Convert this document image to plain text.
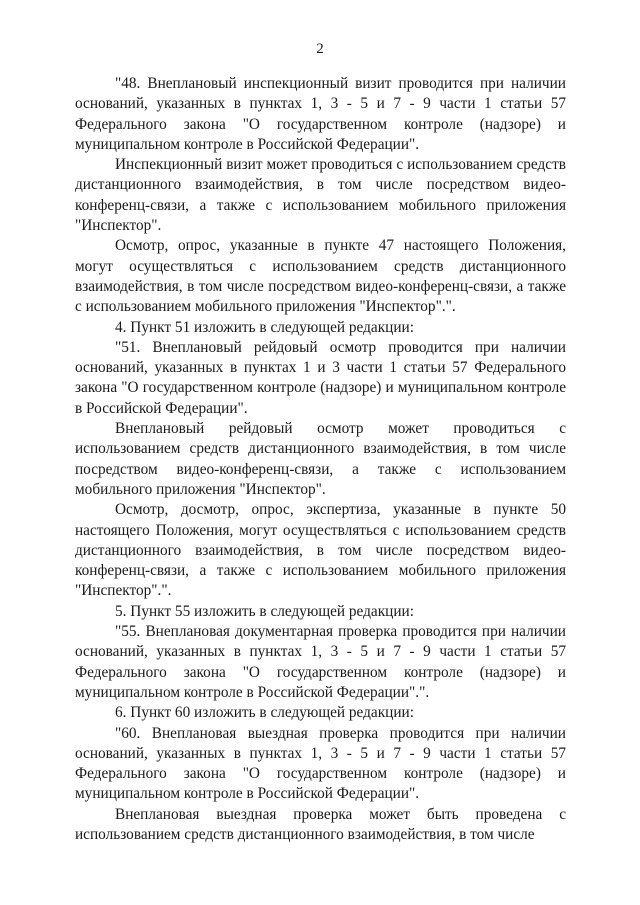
2

"48. Внеплановый инспекционный визит проводится при наличии оснований, указанных в пунктах 1, 3 - 5 и 7 - 9 части 1 статьи 57 Федерального закона "О государственном контроле (надзоре) и муниципальном контроле в Российской Федерации".

Инспекционный визит может проводиться с использованием средств дистанционного взаимодействия, в том числе посредством видео-конференц-связи, а также с использованием мобильного приложения "Инспектор".

Осмотр, опрос, указанные в пункте 47 настоящего Положения, могут осуществляться с использованием средств дистанционного взаимодействия, в том числе посредством видео-конференц-связи, а также с использованием мобильного приложения "Инспектор".".

4. Пункт 51 изложить в следующей редакции:

"51. Внеплановый рейдовый осмотр проводится при наличии оснований, указанных в пунктах 1 и 3 части 1 статьи 57 Федерального закона "О государственном контроле (надзоре) и муниципальном контроле в Российской Федерации".

Внеплановый рейдовый осмотр может проводиться с использованием средств дистанционного взаимодействия, в том числе посредством видео-конференц-связи, а также с использованием мобильного приложения "Инспектор".

Осмотр, досмотр, опрос, экспертиза, указанные в пункте 50 настоящего Положения, могут осуществляться с использованием средств дистанционного взаимодействия, в том числе посредством видео-конференц-связи, а также с использованием мобильного приложения "Инспектор".".

5. Пункт 55 изложить в следующей редакции:

"55. Внеплановая документарная проверка проводится при наличии оснований, указанных в пунктах 1, 3 - 5 и 7 - 9 части 1 статьи 57 Федерального закона "О государственном контроле (надзоре) и муниципальном контроле в Российской Федерации".".

6. Пункт 60 изложить в следующей редакции:

"60. Внеплановая выездная проверка проводится при наличии оснований, указанных в пунктах 1, 3 - 5 и 7 - 9 части 1 статьи 57 Федерального закона "О государственном контроле (надзоре) и муниципальном контроле в Российской Федерации".

Внеплановая выездная проверка может быть проведена с использованием средств дистанционного взаимодействия, в том числе
